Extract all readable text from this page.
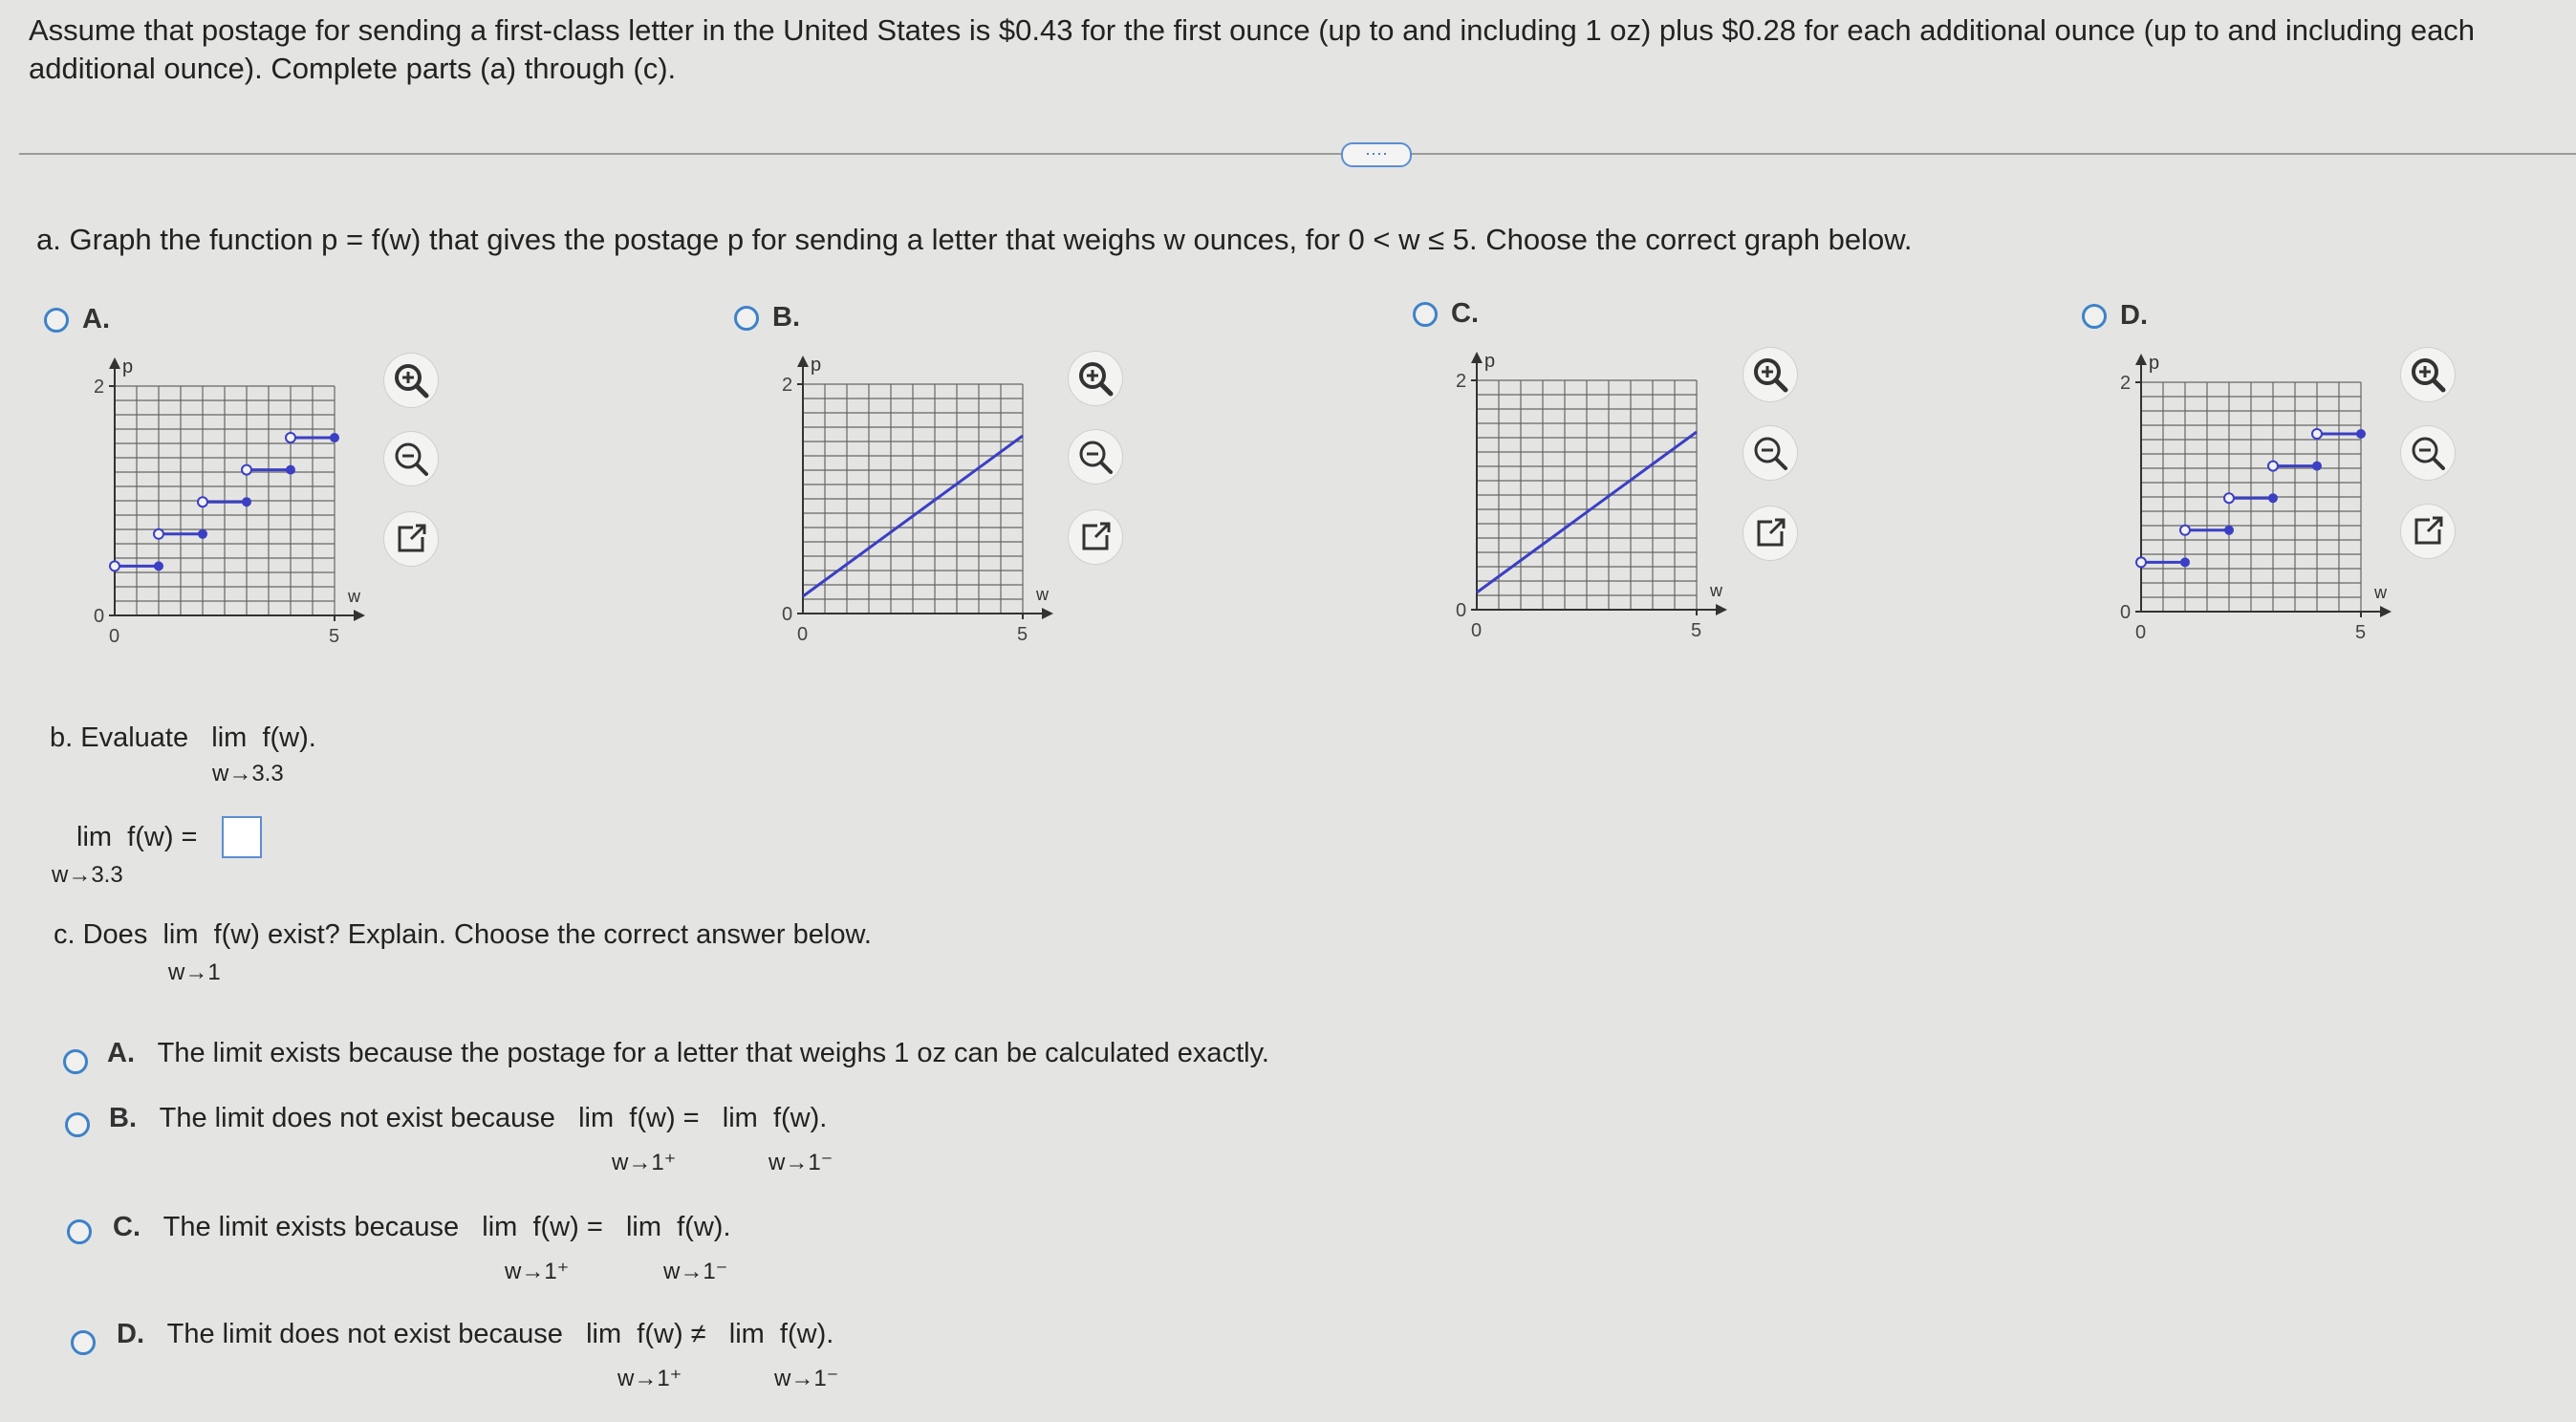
Assume that postage for sending a first-class letter in the United States is $0.43 for the first ounce (up to and including 1 oz) plus $0.28 for each additional ounce (up to and including each
additional ounce). Complete parts (a) through (c).
····
a. Graph the function p = f(w) that gives the postage p for sending a letter that weighs w ounces, for 0 < w ≤ 5. Choose the correct graph below.
A.
p
w
2
0
0	5
B.
p
w
2
0
0	5
C.
p
w
2
0
0	5
D.
p
w
2
0
0	5
b. Evaluate lim f(w).
w→3.3
lim f(w) =
w→3.3
c. Does lim f(w) exist? Explain. Choose the correct answer below.
w→1
A. The limit exists because the postage for a letter that weighs 1 oz can be calculated exactly.
B. The limit does not exist because lim f(w) = lim f(w).
w→1⁺	w→1⁻
C. The limit exists because lim f(w) = lim f(w).
w→1⁺	w→1⁻
D. The limit does not exist because lim f(w) ≠ lim f(w).
w→1⁺	w→1⁻
